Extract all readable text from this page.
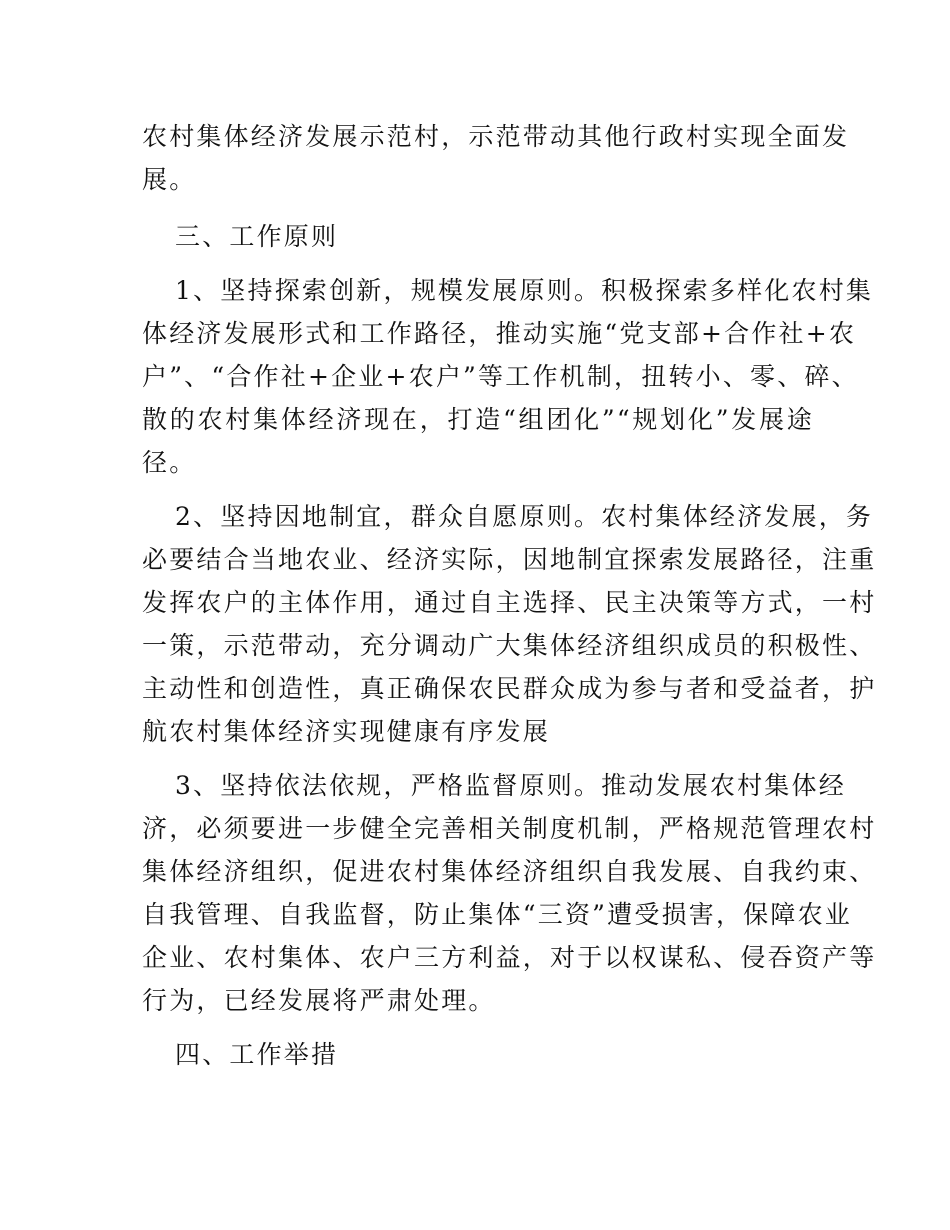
农村集体经济发展示范村，示范带动其他行政村实现全面发
展。
三、工作原则
1、坚持探索创新，规模发展原则。积极探索多样化农村集
体经济发展形式和工作路径，推动实施“党支部+合作社+农
户”、“合作社+企业+农户”等工作机制，扭转小、零、碎、
散的农村集体经济现在，打造“组团化”“规划化”发展途
径。
2、坚持因地制宜，群众自愿原则。农村集体经济发展，务
必要结合当地农业、经济实际，因地制宜探索发展路径，注重
发挥农户的主体作用，通过自主选择、民主决策等方式，一村
一策，示范带动，充分调动广大集体经济组织成员的积极性、
主动性和创造性，真正确保农民群众成为参与者和受益者，护
航农村集体经济实现健康有序发展
3、坚持依法依规，严格监督原则。推动发展农村集体经
济，必须要进一步健全完善相关制度机制，严格规范管理农村
集体经济组织，促进农村集体经济组织自我发展、自我约束、
自我管理、自我监督，防止集体“三资”遭受损害，保障农业
企业、农村集体、农户三方利益，对于以权谋私、侵吞资产等
行为，已经发展将严肃处理。
四、工作举措
